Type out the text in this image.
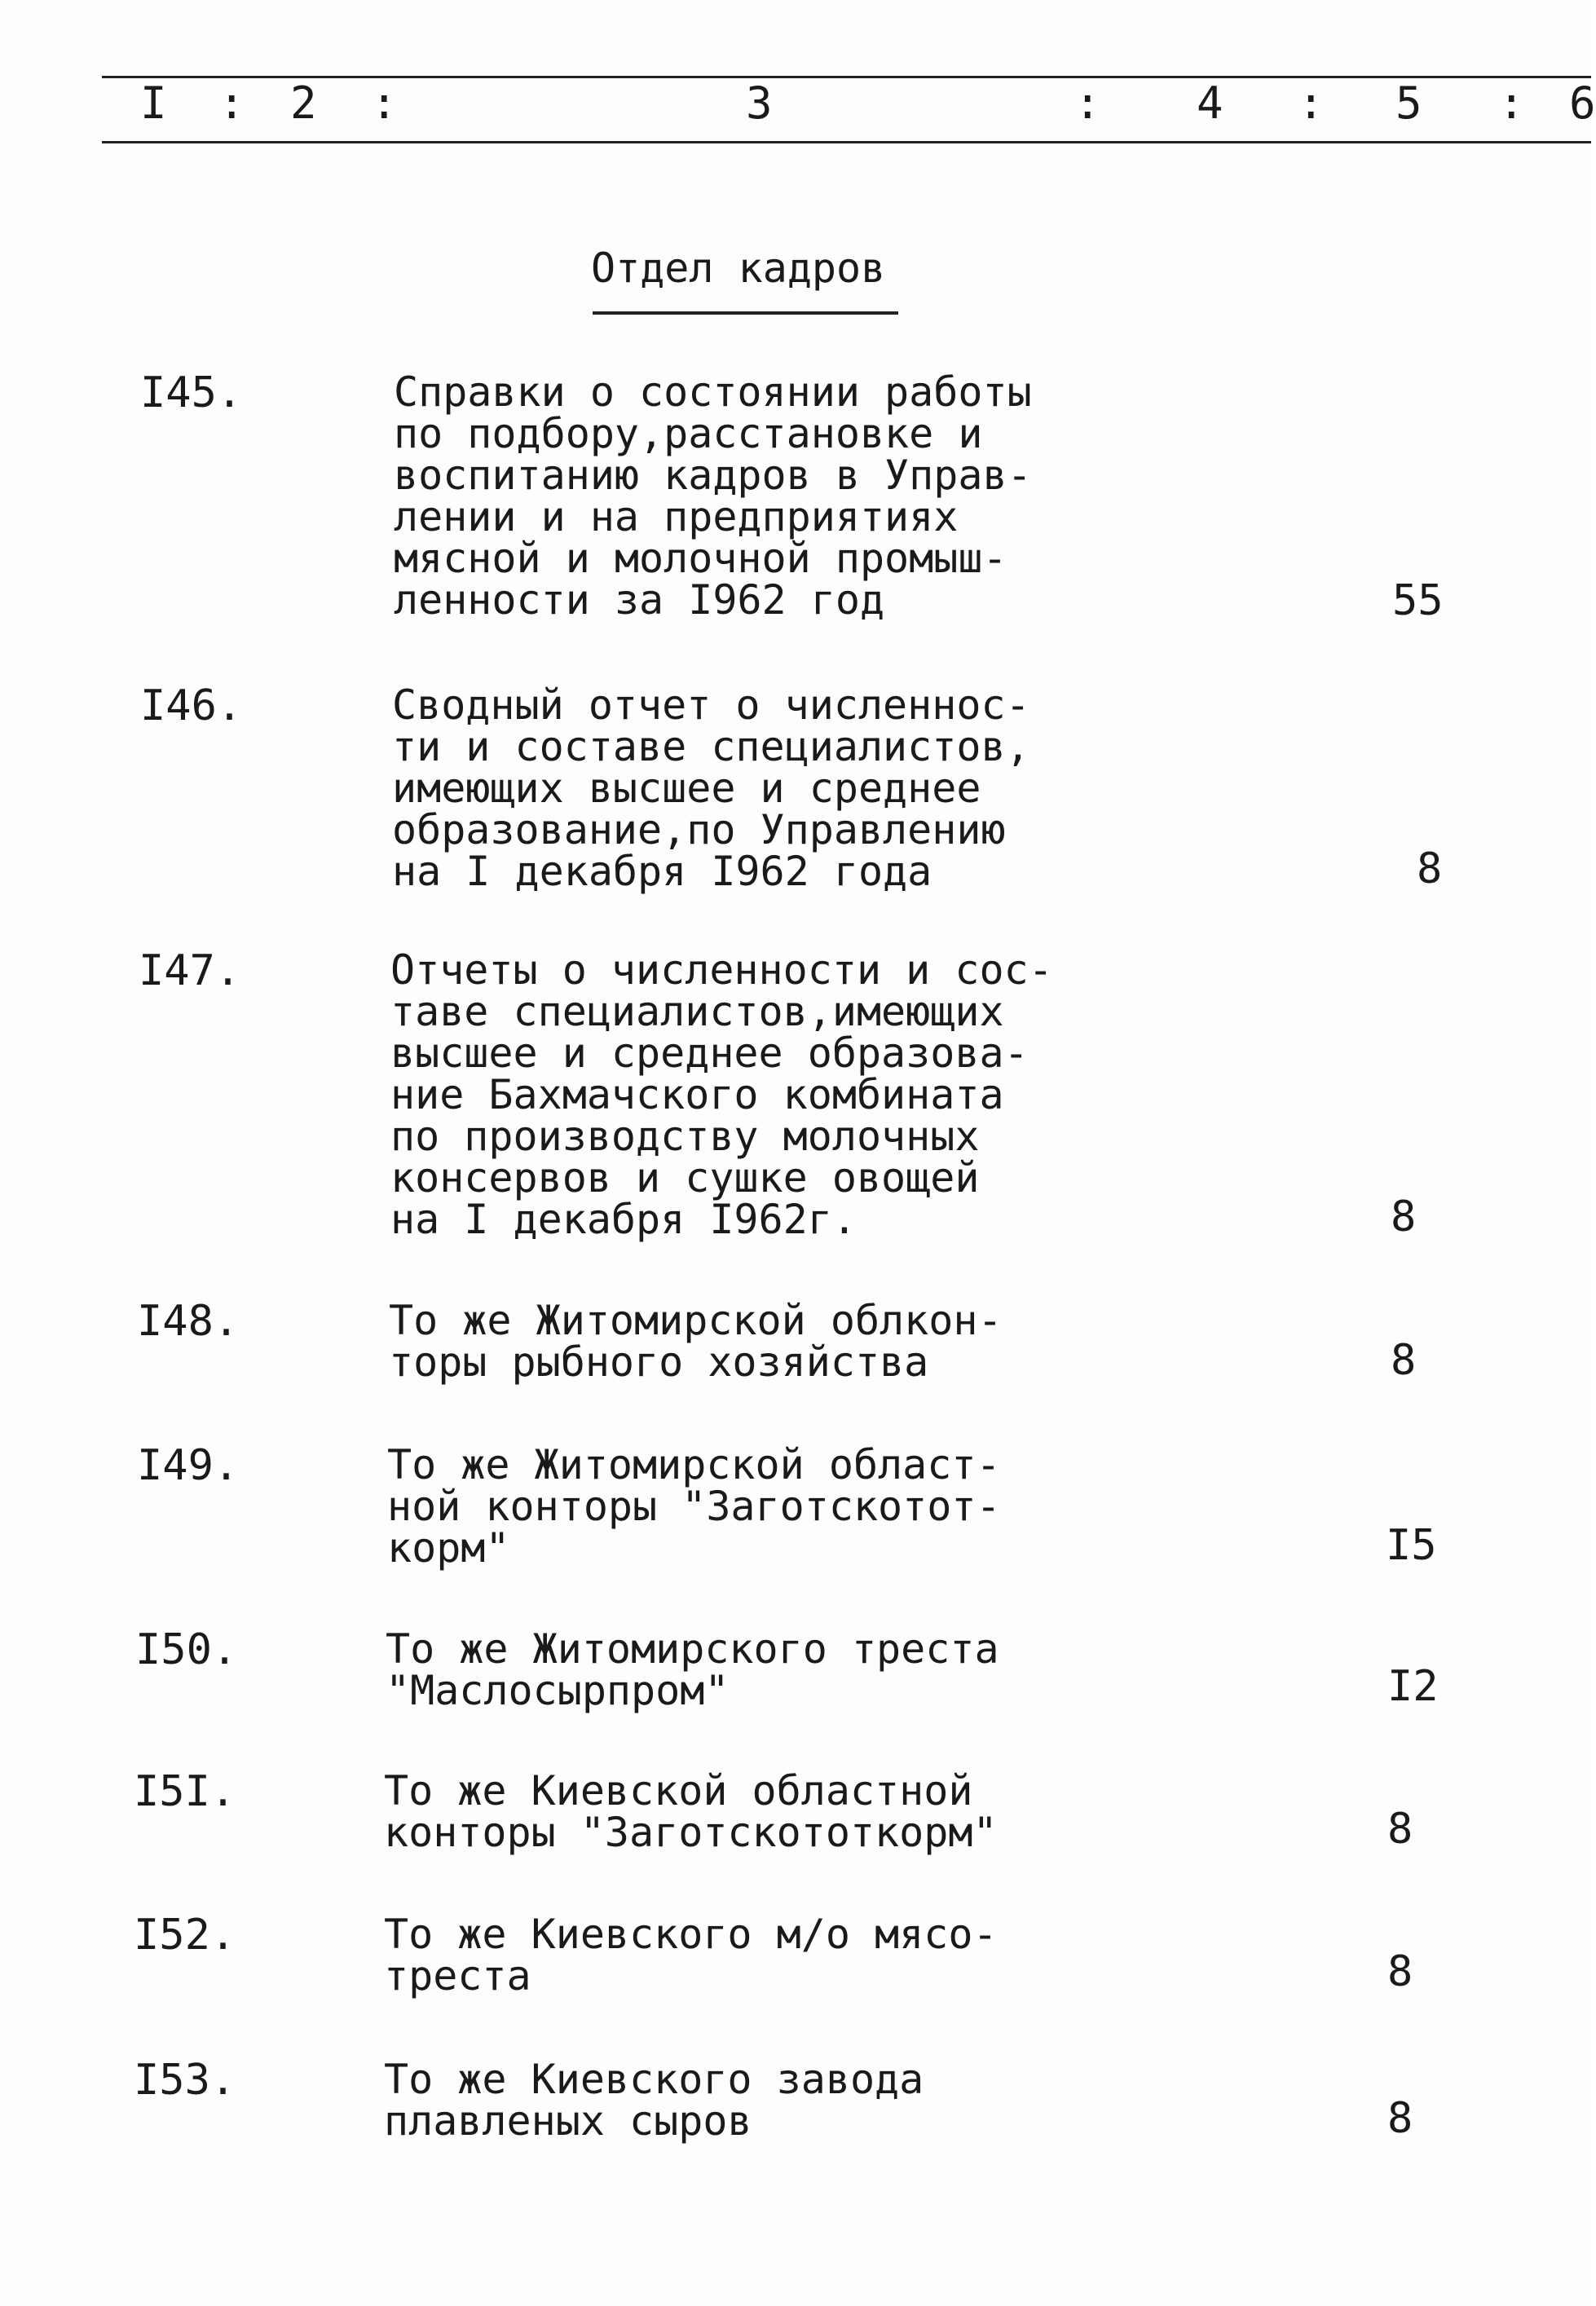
I : 2 :	3	: 4 : 5 : 6
Отдел кадров
I45.	Справки о состоянии работы
по подбору,расстановке и
воспитанию кадров в Управ-
лении и на предприятиях
мясной и молочной промыш-
ленности за I962 год	55
I46.	Сводный отчет о численнос-
ти и составе специалистов,
имеющих высшее и среднее
образование,по Управлению
на I декабря I962 года	8
I47.	Отчеты о численности и сос-
таве специалистов,имеющих
высшее и среднее образова-
ние Бахмачского комбината
по производству молочных
консервов и сушке овощей
на I декабря I962г.	8
I48.	То же Житомирской облкон-
торы рыбного хозяйства	8
I49.	То же Житомирской област-
ной конторы "Заготскотот-
корм"	I5
I50.	То же Житомирского треста
"Маслосырпром"	I2
I5I.	То же Киевской областной
конторы "Заготскототкорм"	8
I52.	То же Киевского м/о мясо-
треста	8
I53.	То же Киевского завода
плавленых сыров	8
